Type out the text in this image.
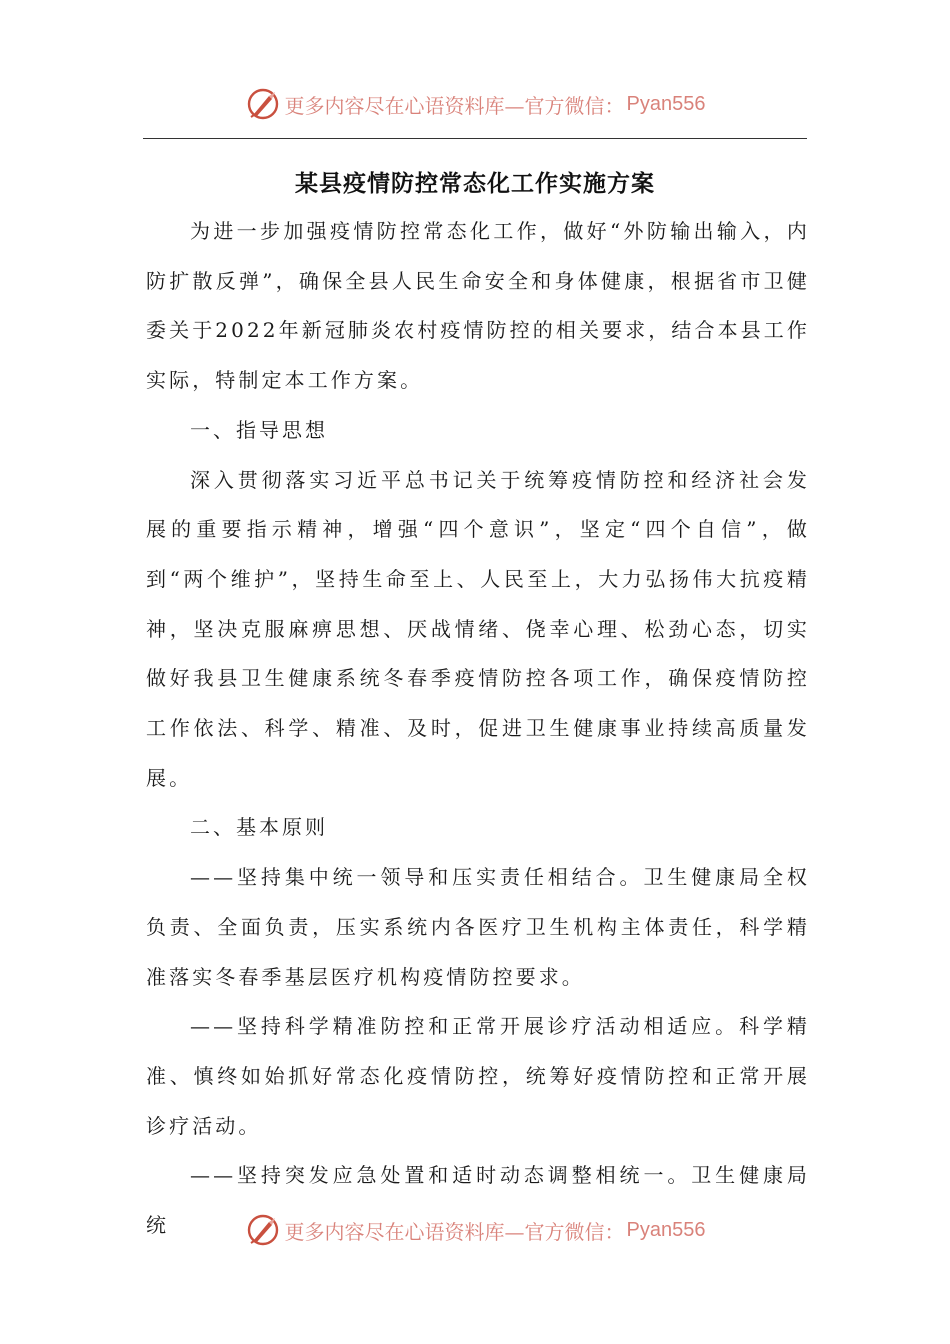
更多内容尽在心语资料库—官方微信： Pyan556
某县疫情防控常态化工作实施方案

为进一步加强疫情防控常态化工作，做好“外防输出输入，内防扩散反弹”，确保全县人民生命安全和身体健康，根据省市卫健委关于2022年新冠肺炎农村疫情防控的相关要求，结合本县工作实际，特制定本工作方案。

一、指导思想

深入贯彻落实习近平总书记关于统筹疫情防控和经济社会发展的重要指示精神，增强“四个意识”，坚定“四个自信”，做到“两个维护”，坚持生命至上、人民至上，大力弘扬伟大抗疫精神，坚决克服麻痹思想、厌战情绪、侥幸心理、松劲心态，切实做好我县卫生健康系统冬春季疫情防控各项工作，确保疫情防控工作依法、科学、精准、及时，促进卫生健康事业持续高质量发展。

二、基本原则

——坚持集中统一领导和压实责任相结合。卫生健康局全权负责、全面负责，压实系统内各医疗卫生机构主体责任，科学精准落实冬春季基层医疗机构疫情防控要求。

——坚持科学精准防控和正常开展诊疗活动相适应。科学精准、慎终如始抓好常态化疫情防控，统筹好疫情防控和正常开展诊疗活动。

——坚持突发应急处置和适时动态调整相统一。卫生健康局统	更多内容尽在心语资料库—官方微信： Pyan556
